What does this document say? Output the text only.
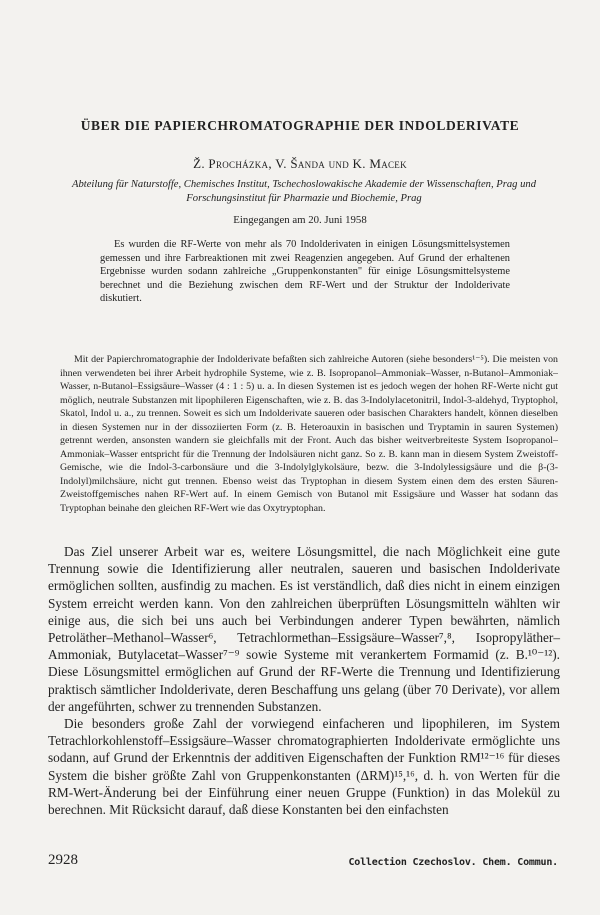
ÜBER DIE PAPIERCHROMATOGRAPHIE DER INDOLDERIVATE
Ž. Procházka, V. Šanda und K. Macek
Abteilung für Naturstoffe, Chemisches Institut, Tschechoslowakische Akademie der Wissenschaften, Prag und Forschungsinstitut für Pharmazie und Biochemie, Prag
Eingegangen am 20. Juni 1958

Es wurden die RF-Werte von mehr als 70 Indolderivaten in einigen Lösungsmittelsystemen gemessen und ihre Farbreaktionen mit zwei Reagenzien angegeben. Auf Grund der erhaltenen Ergebnisse wurden sodann zahlreiche „Gruppenkonstanten" für einige Lösungsmittelsysteme berechnet und die Beziehung zwischen dem RF-Wert und der Struktur der Indolderivate diskutiert.

Mit der Papierchromatographie der Indolderivate befaßten sich zahlreiche Autoren (siehe besonders¹⁻⁵). Die meisten von ihnen verwendeten bei ihrer Arbeit hydrophile Systeme, wie z. B. Isopropanol–Ammoniak–Wasser, n-Butanol–Ammoniak–Wasser, n-Butanol–Essigsäure–Wasser (4 : 1 : 5) u. a. In diesen Systemen ist es jedoch wegen der hohen RF-Werte nicht gut möglich, neutrale Substanzen mit lipophileren Eigenschaften, wie z. B. das 3-Indolylacetonitril, Indol-3-aldehyd, Tryptophol, Skatol, Indol u. a., zu trennen. Soweit es sich um Indolderivate saueren oder basischen Charakters handelt, können dieselben in diesen Systemen nur in der dissoziierten Form (z. B. Heteroauxin in basischen und Tryptamin in sauren Systemen) getrennt werden, ansonsten wandern sie gleichfalls mit der Front. Auch das bisher weitverbreiteste System Isopropanol–Ammoniak–Wasser entspricht für die Trennung der Indolsäuren nicht ganz. So z. B. kann man in diesem System Zweistoff-Gemische, wie die Indol-3-carbonsäure und die 3-Indolylglykolsäure, bezw. die 3-Indolylessigsäure und die β-(3-Indolyl)milchsäure, nicht gut trennen. Ebenso weist das Tryptophan in diesem System einen dem des ersten Säuren-Zweistoffgemisches nahen RF-Wert auf. In einem Gemisch von Butanol mit Essigsäure und Wasser hat sodann das Tryptophan beinahe den gleichen RF-Wert wie das Oxytryptophan.

Das Ziel unserer Arbeit war es, weitere Lösungsmittel, die nach Möglichkeit eine gute Trennung sowie die Identifizierung aller neutralen, saueren und basischen Indolderivate ermöglichen sollten, ausfindig zu machen. Es ist verständlich, daß dies nicht in einem einzigen System erreicht werden kann. Von den zahlreichen überprüften Lösungsmitteln wählten wir einige aus, die sich bei uns auch bei Verbindungen anderer Typen bewährten, nämlich Petroläther–Methanol–Wasser⁶, Tetrachlormethan–Essigsäure–Wasser⁷,⁸, Isopropyläther–Ammoniak, Butylacetat–Wasser⁷⁻⁹ sowie Systeme mit verankertem Formamid (z. B.¹⁰⁻¹²). Diese Lösungsmittel ermöglichen auf Grund der RF-Werte die Trennung und Identifizierung praktisch sämtlicher Indolderivate, deren Beschaffung uns gelang (über 70 Derivate), vor allem der angeführten, schwer zu trennenden Substanzen.

Die besonders große Zahl der vorwiegend einfacheren und lipophileren, im System Tetrachlorkohlenstoff–Essigsäure–Wasser chromatographierten Indolderivate ermöglichte uns sodann, auf Grund der Erkenntnis der additiven Eigenschaften der Funktion RM¹²⁻¹⁶ für dieses System die bisher größte Zahl von Gruppenkonstanten (ΔRM)¹⁵,¹⁶, d. h. von Werten für die RM-Wert-Änderung bei der Einführung einer neuen Gruppe (Funktion) in das Molekül zu berechnen. Mit Rücksicht darauf, daß diese Konstanten bei den einfachsten

2928	Collection Czechoslov. Chem. Commun.
